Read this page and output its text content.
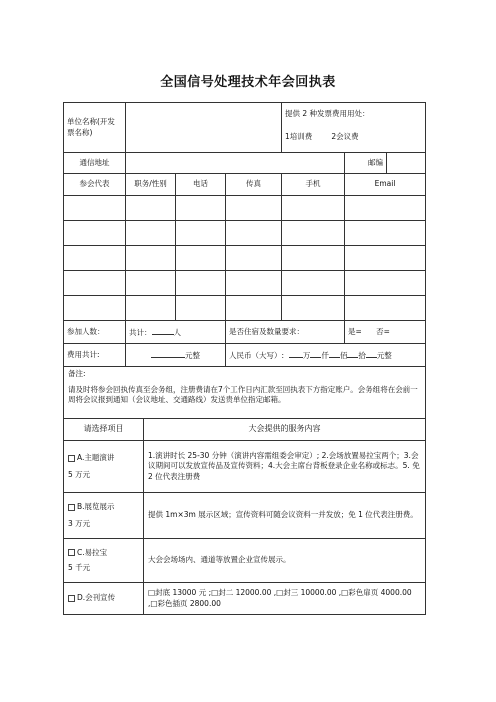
全国信号处理技术年会回执表
单位名称(开发票名称)					提供 2 种发票费用用处：
1培训费 2会议费		

通信地址						邮编	
参会代表	职务/性别		电话	传真	手机	Email	

参加人数：	共计： 人			是否住宿及数量要求：		是= 否=	
费用共计:	元整			人民币（大写）: 万 仟 佰 拾 元整			

备注:
请及时将参会回执传真至会务组，注册费请在7个工作日内汇款至回执表下方指定账户。会务组将在会前一周将会议报到通知（会议地址、交通路线）发送贵单位指定邮箱。							

请选择项目		大会提供的服务内容					

A.主题演讲
5 万元		1.演讲时长 25-30 分钟（演讲内容需组委会审定）; 2.会场放置易拉宝两个；3.会议期间可以发放宣传品及宣传资料；4.大会主席台背板登录企业名称或标志。5. 免 2 位代表注册费					

B.展览展示
3 万元		提供 1m×3m 展示区域；宣传资料可随会议资料一并发放；免 1 位代表注册费。					

C.易拉宝
5 千元		大会会场场内、通道等放置企业宣传展示。					
D.会刊宣传		□封底 13000 元 ;□封二 12000.00 ,□封三 10000.00 ,□彩色扉页 4000.00 ,□彩色插页 2800.00					
